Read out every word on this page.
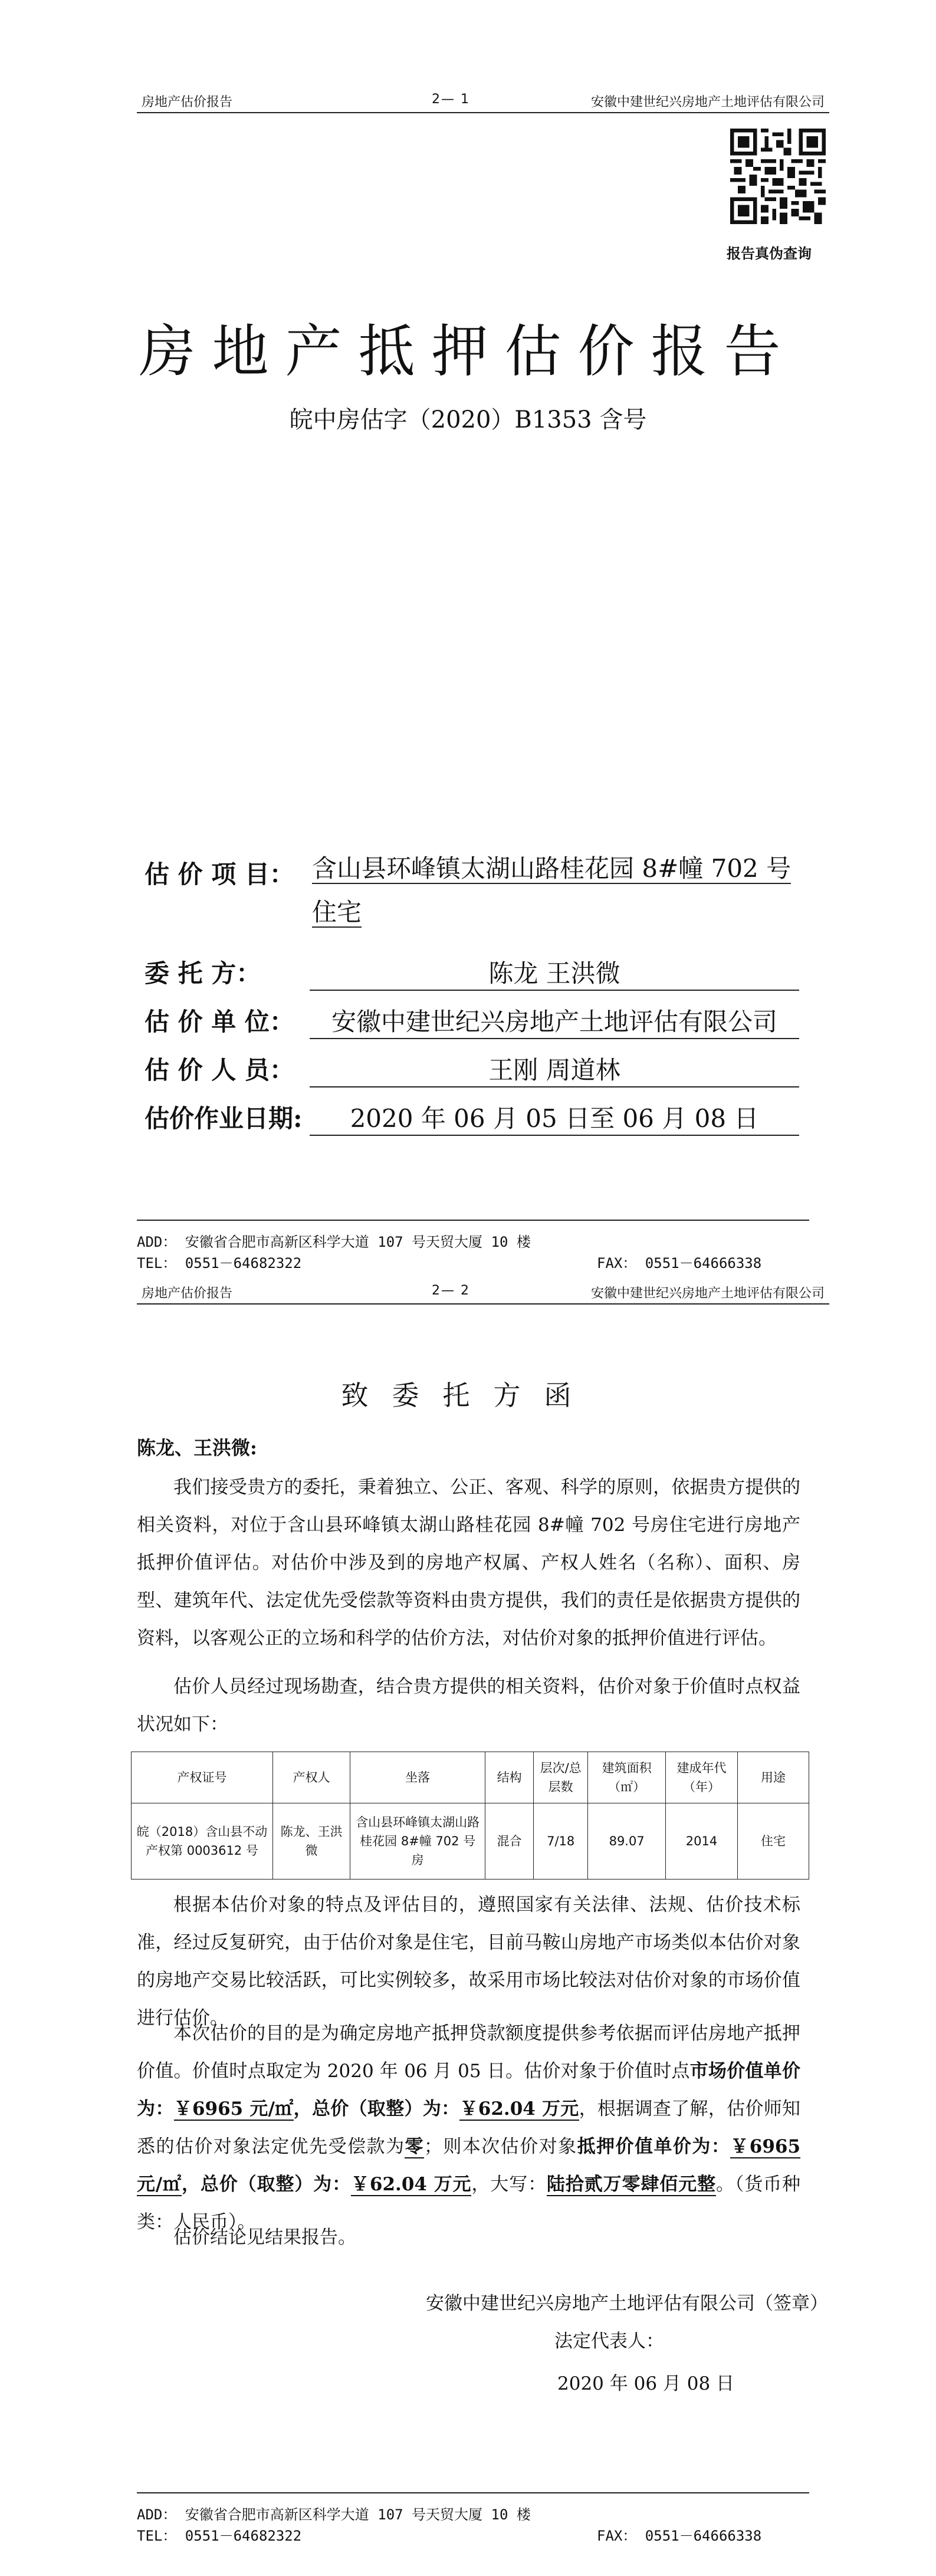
房地产估价报告	2— 1	安徽中建世纪兴房地产土地评估有限公司
报告真伪查询
房地产抵押估价报告
皖中房估字（2020）B1353 含号
估 价 项 目： 含山县环峰镇太湖山路桂花园 8#幢 702 号住宅
委 托 方：	陈龙 王洪微
估 价 单 位：	安徽中建世纪兴房地产土地评估有限公司
估 价 人 员：	王刚 周道林
估价作业日期:	2020 年 06 月 05 日至 06 月 08 日
ADD： 安徽省合肥市高新区科学大道 107 号天贸大厦 10 楼
TEL： 0551－64682322	FAX： 0551－64666338
房地产估价报告	2— 2	安徽中建世纪兴房地产土地评估有限公司
致委托方函
陈龙、王洪微:
我们接受贵方的委托，秉着独立、公正、客观、科学的原则，依据贵方提供的相关资料，对位于含山县环峰镇太湖山路桂花园 8#幢 702 号房住宅进行房地产抵押价值评估。对估价中涉及到的房地产权属、产权人姓名（名称）、面积、房型、建筑年代、法定优先受偿款等资料由贵方提供，我们的责任是依据贵方提供的资料，以客观公正的立场和科学的估价方法，对估价对象的抵押价值进行评估。
估价人员经过现场勘查，结合贵方提供的相关资料，估价对象于价值时点权益状况如下：
产权证号	产权人	坐落	结构	层次/总层数	建筑面积（㎡）	建成年代（年）	用途
皖（2018）含山县不动产权第 0003612 号	陈龙、王洪微	含山县环峰镇太湖山路桂花园 8#幢 702 号房	混合	7/18	89.07	2014	住宅
根据本估价对象的特点及评估目的，遵照国家有关法律、法规、估价技术标准，经过反复研究，由于估价对象是住宅，目前马鞍山房地产市场类似本估价对象的房地产交易比较活跃，可比实例较多，故采用市场比较法对估价对象的市场价值进行估价。
本次估价的目的是为确定房地产抵押贷款额度提供参考依据而评估房地产抵押价值。价值时点取定为 2020 年 06 月 05 日。估价对象于价值时点市场价值单价为：￥6965 元/㎡，总价（取整）为：￥62.04 万元，根据调查了解，估价师知悉的估价对象法定优先受偿款为零；则本次估价对象抵押价值单价为：￥6965 元/㎡，总价（取整）为：￥62.04 万元，大写：陆拾贰万零肆佰元整。（货币种类：人民币）。
估价结论见结果报告。
安徽中建世纪兴房地产土地评估有限公司（签章）
法定代表人：
2020 年 06 月 08 日
ADD： 安徽省合肥市高新区科学大道 107 号天贸大厦 10 楼
TEL： 0551－64682322	FAX： 0551－64666338
